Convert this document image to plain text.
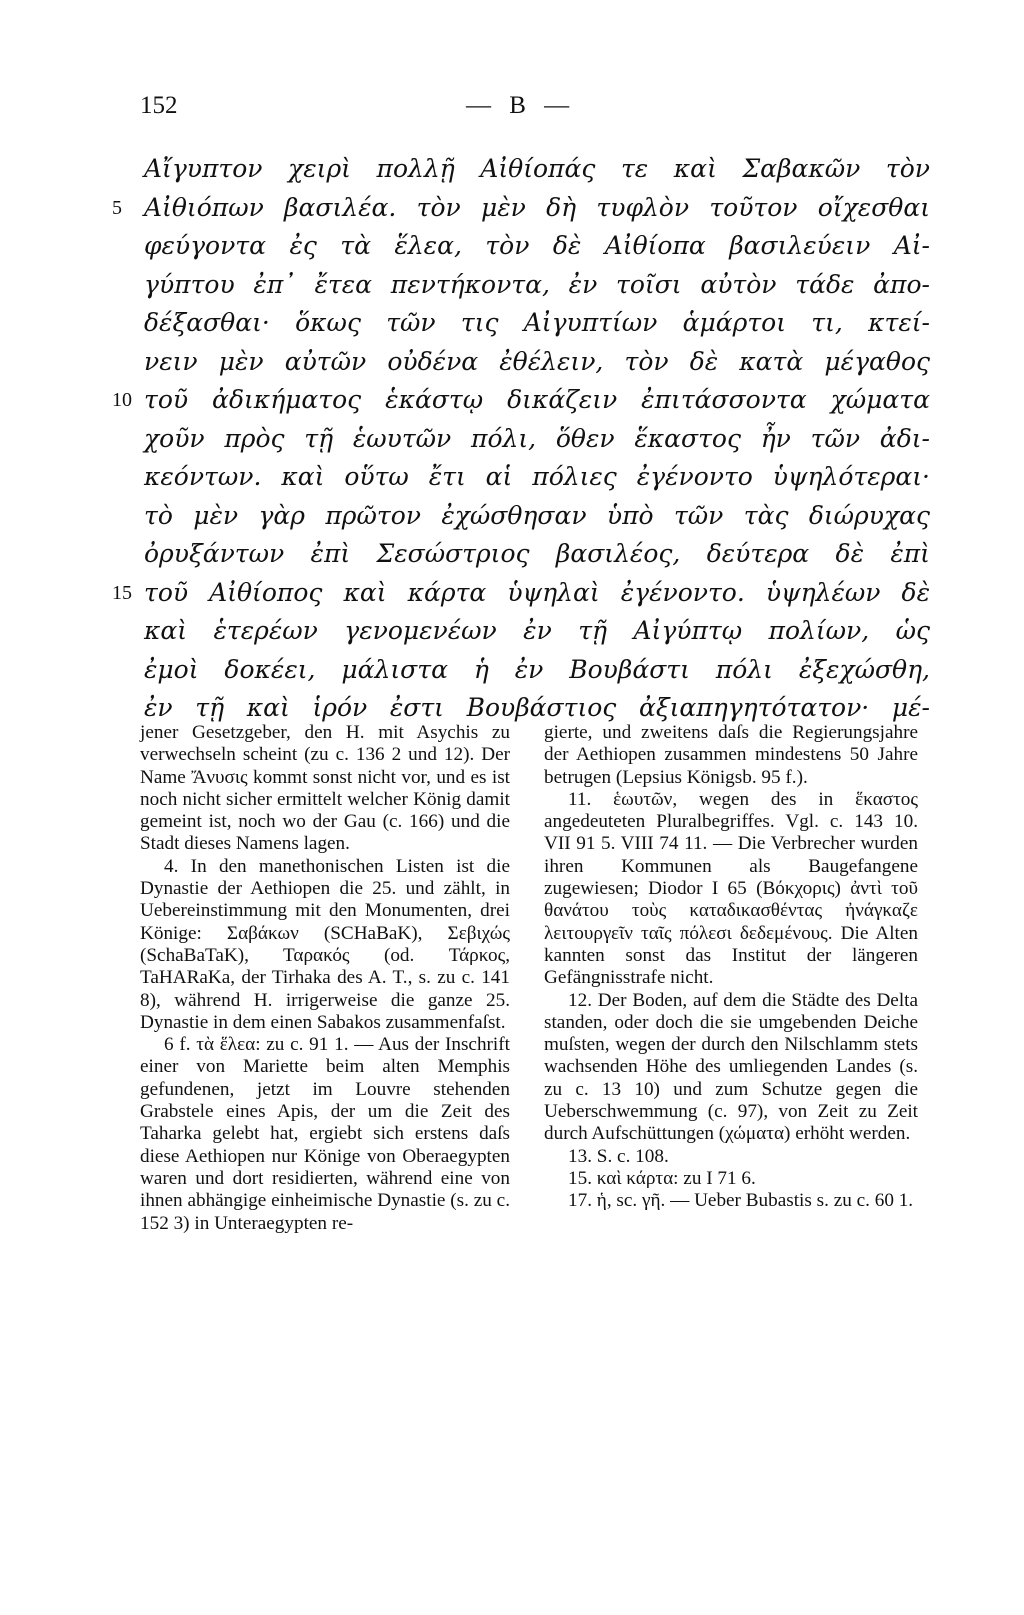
152	— B —
Αἴγυπτον χειρὶ πολλῇ Αἰθίοπάς τε καὶ Σαβακῶν τὸν
5 Αἰθιόπων βασιλέα. τὸν μὲν δὴ τυφλὸν τοῦτον οἴχεσθαι
φεύγοντα ἐς τὰ ἕλεα, τὸν δὲ Αἰθίοπα βασιλεύειν Αἰ-
γύπτου ἐπ᾽ ἔτεα πεντήκοντα, ἐν τοῖσι αὐτὸν τάδε ἀπο-
δέξασθαι· ὅκως τῶν τις Αἰγυπτίων ἁμάρτοι τι, κτεί-
νειν μὲν αὐτῶν οὐδένα ἐθέλειν, τὸν δὲ κατὰ μέγαθος
10 τοῦ ἀδικήματος ἑκάστῳ δικάζειν ἐπιτάσσοντα χώματα
χοῦν πρὸς τῇ ἑωυτῶν πόλι, ὅθεν ἕκαστος ἦν τῶν ἀδι-
κεόντων. καὶ οὕτω ἔτι αἱ πόλιες ἐγένοντο ὑψηλότεραι·
τὸ μὲν γὰρ πρῶτον ἐχώσθησαν ὑπὸ τῶν τὰς διώρυχας
ὀρυξάντων ἐπὶ Σεσώστριος βασιλέος, δεύτερα δὲ ἐπὶ
15 τοῦ Αἰθίοπος καὶ κάρτα ὑψηλαὶ ἐγένοντο. ὑψηλέων δὲ
καὶ ἑτερέων γενομενέων ἐν τῇ Αἰγύπτῳ πολίων, ὡς
ἐμοὶ δοκέει, μάλιστα ἡ ἐν Βουβάστι πόλι ἐξεχώσθη,
ἐν τῇ καὶ ἱρόν ἐστι Βουβάστιος ἀξιαπηγητότατον· μέ-

jener Gesetzgeber, den H. mit Asychis zu verwechseln scheint (zu c. 136 2 und 12). Der Name Ἄνυσις kommt sonst nicht vor, und es ist noch nicht sicher ermittelt welcher König damit gemeint ist, noch wo der Gau (c. 166) und die Stadt dieses Namens lagen.

4. In den manethonischen Listen ist die Dynastie der Aethiopen die 25. und zählt, in Uebereinstimmung mit den Monumenten, drei Könige: Σαβάκων (SCHaBaK), Σεβιχώς (SchaBaTaK), Ταρακός (od. Τάρκος, TaHARaKa, der Tirhaka des A. T., s. zu c. 141 8), während H. irrigerweise die ganze 25. Dynastie in dem einen Sabakos zusammenfaſst.

6 f. τὰ ἕλεα: zu c. 91 1. — Aus der Inschrift einer von Mariette beim alten Memphis gefundenen, jetzt im Louvre stehenden Grabstele eines Apis, der um die Zeit des Taharka gelebt hat, ergiebt sich erstens daſs diese Aethiopen nur Könige von Oberaegypten waren und dort residierten, während eine von ihnen abhängige einheimische Dynastie (s. zu c. 152 3) in Unteraegypten re-

gierte, und zweitens daſs die Regierungsjahre der Aethiopen zusammen mindestens 50 Jahre betrugen (Lepsius Königsb. 95 f.).

11. ἑωυτῶν, wegen des in ἕκαστος angedeuteten Pluralbegriffes. Vgl. c. 143 10. VII 91 5. VIII 74 11. — Die Verbrecher wurden ihren Kommunen als Baugefangene zugewiesen; Diodor I 65 (Βόκχορις) ἀντὶ τοῦ θανάτου τοὺς καταδικασθέντας ἠνάγκαζε λειτουργεῖν ταῖς πόλεσι δεδεμένους. Die Alten kannten sonst das Institut der längeren Gefängnisstrafe nicht.

12. Der Boden, auf dem die Städte des Delta standen, oder doch die sie umgebenden Deiche muſsten, wegen der durch den Nilschlamm stets wachsenden Höhe des umliegenden Landes (s. zu c. 13 10) und zum Schutze gegen die Ueberschwemmung (c. 97), von Zeit zu Zeit durch Aufschüttungen (χώματα) erhöht werden.

13. S. c. 108.

15. καὶ κάρτα: zu I 71 6.

17. ἡ, sc. γῆ. — Ueber Bubastis s. zu c. 60 1.
